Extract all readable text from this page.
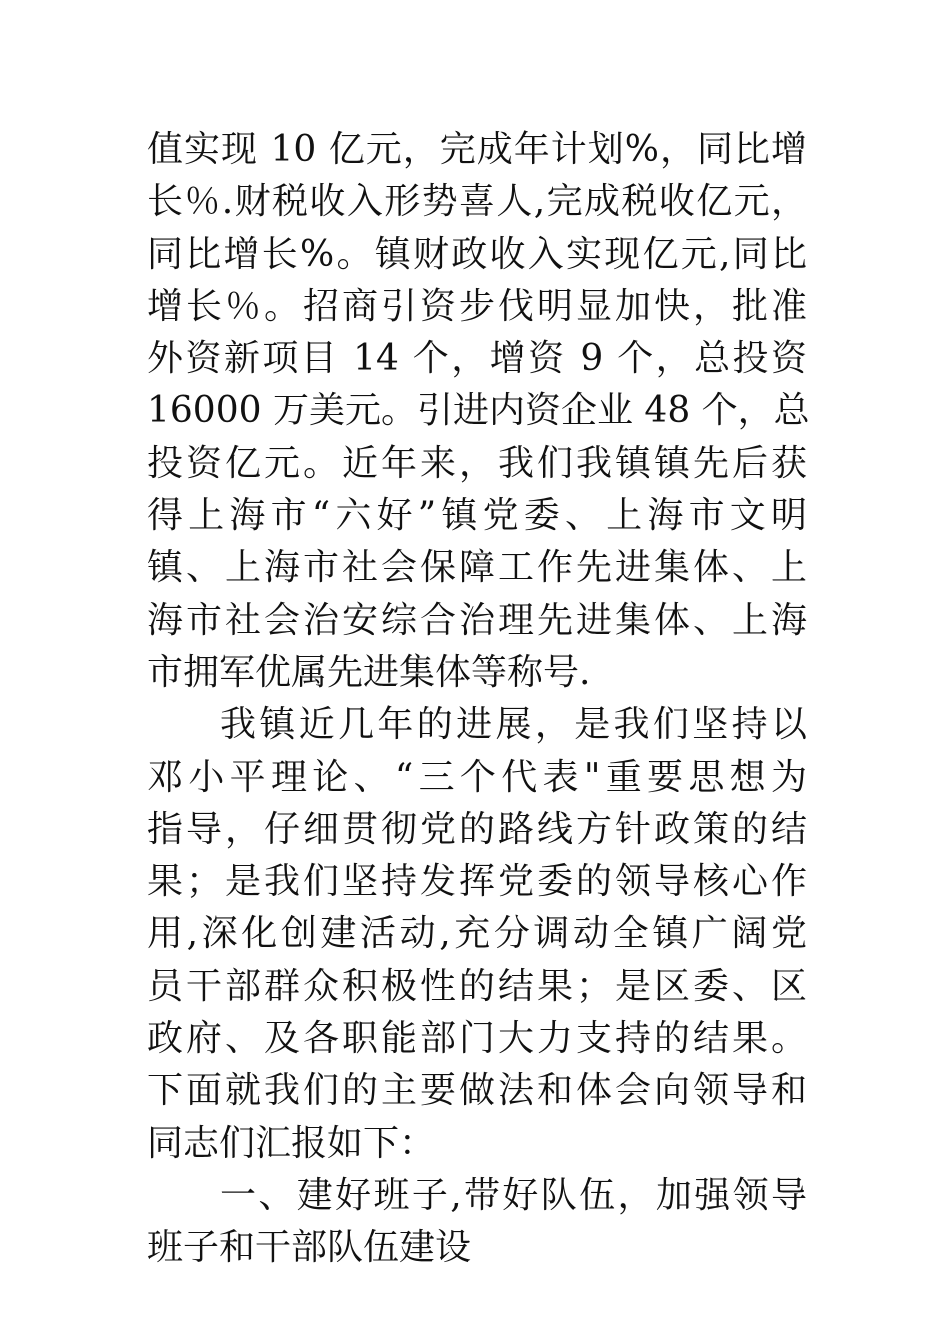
值实现 10 亿元，完成年计划%，同比增
长％.财税收入形势喜人,完成税收亿元，
同比增长%。镇财政收入实现亿元,同比
增长％。招商引资步伐明显加快，批准
外资新项目 14 个，增资 9 个，总投资
16000 万美元。引进内资企业 48 个，总
投资亿元。近年来，我们我镇镇先后获
得上海市“六好”镇党委、上海市文明
镇、上海市社会保障工作先进集体、上
海市社会治安综合治理先进集体、上海
市拥军优属先进集体等称号.
我镇近几年的进展，是我们坚持以
邓小平理论、“三个代表"重要思想为
指导，仔细贯彻党的路线方针政策的结
果；是我们坚持发挥党委的领导核心作
用,深化创建活动,充分调动全镇广阔党
员干部群众积极性的结果；是区委、区
政府、及各职能部门大力支持的结果。
下面就我们的主要做法和体会向领导和
同志们汇报如下：
一、建好班子,带好队伍，加强领导
班子和干部队伍建设
